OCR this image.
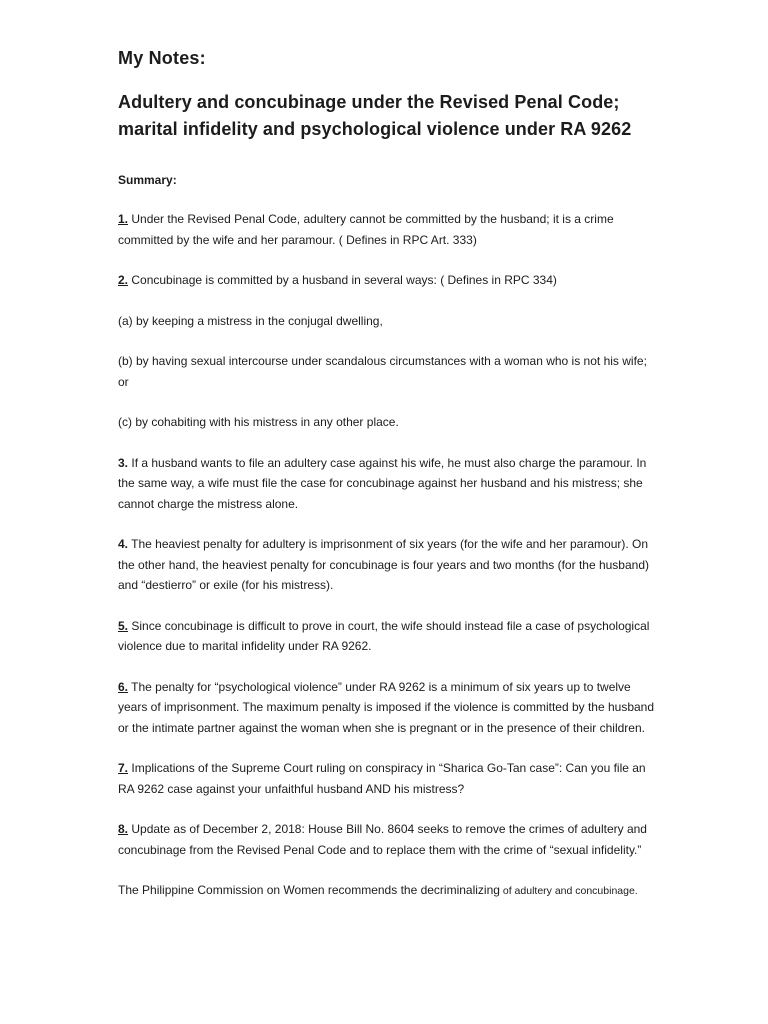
My Notes:
Adultery and concubinage under the Revised Penal Code;
marital infidelity and psychological violence under RA 9262
Summary:

1. Under the Revised Penal Code, adultery cannot be committed by the husband; it is a crime committed by the wife and her paramour. ( Defines in RPC Art. 333)

2. Concubinage is committed by a husband in several ways: ( Defines in RPC 334)

(a) by keeping a mistress in the conjugal dwelling,

(b) by having sexual intercourse under scandalous circumstances with a woman who is not his wife; or

(c) by cohabiting with his mistress in any other place.

3. If a husband wants to file an adultery case against his wife, he must also charge the paramour. In the same way, a wife must file the case for concubinage against her husband and his mistress; she cannot charge the mistress alone.

4. The heaviest penalty for adultery is imprisonment of six years (for the wife and her paramour). On the other hand, the heaviest penalty for concubinage is four years and two months (for the husband) and “destierro” or exile (for his mistress).

5. Since concubinage is difficult to prove in court, the wife should instead file a case of psychological violence due to marital infidelity under RA 9262.

6. The penalty for “psychological violence” under RA 9262 is a minimum of six years up to twelve years of imprisonment. The maximum penalty is imposed if the violence is committed by the husband or the intimate partner against the woman when she is pregnant or in the presence of their children.

7. Implications of the Supreme Court ruling on conspiracy in “Sharica Go-Tan case”: Can you file an RA 9262 case against your unfaithful husband AND his mistress?

8. Update as of December 2, 2018: House Bill No. 8604 seeks to remove the crimes of adultery and concubinage from the Revised Penal Code and to replace them with the crime of “sexual infidelity.”

The Philippine Commission on Women recommends the decriminalizing of adultery and concubinage.
